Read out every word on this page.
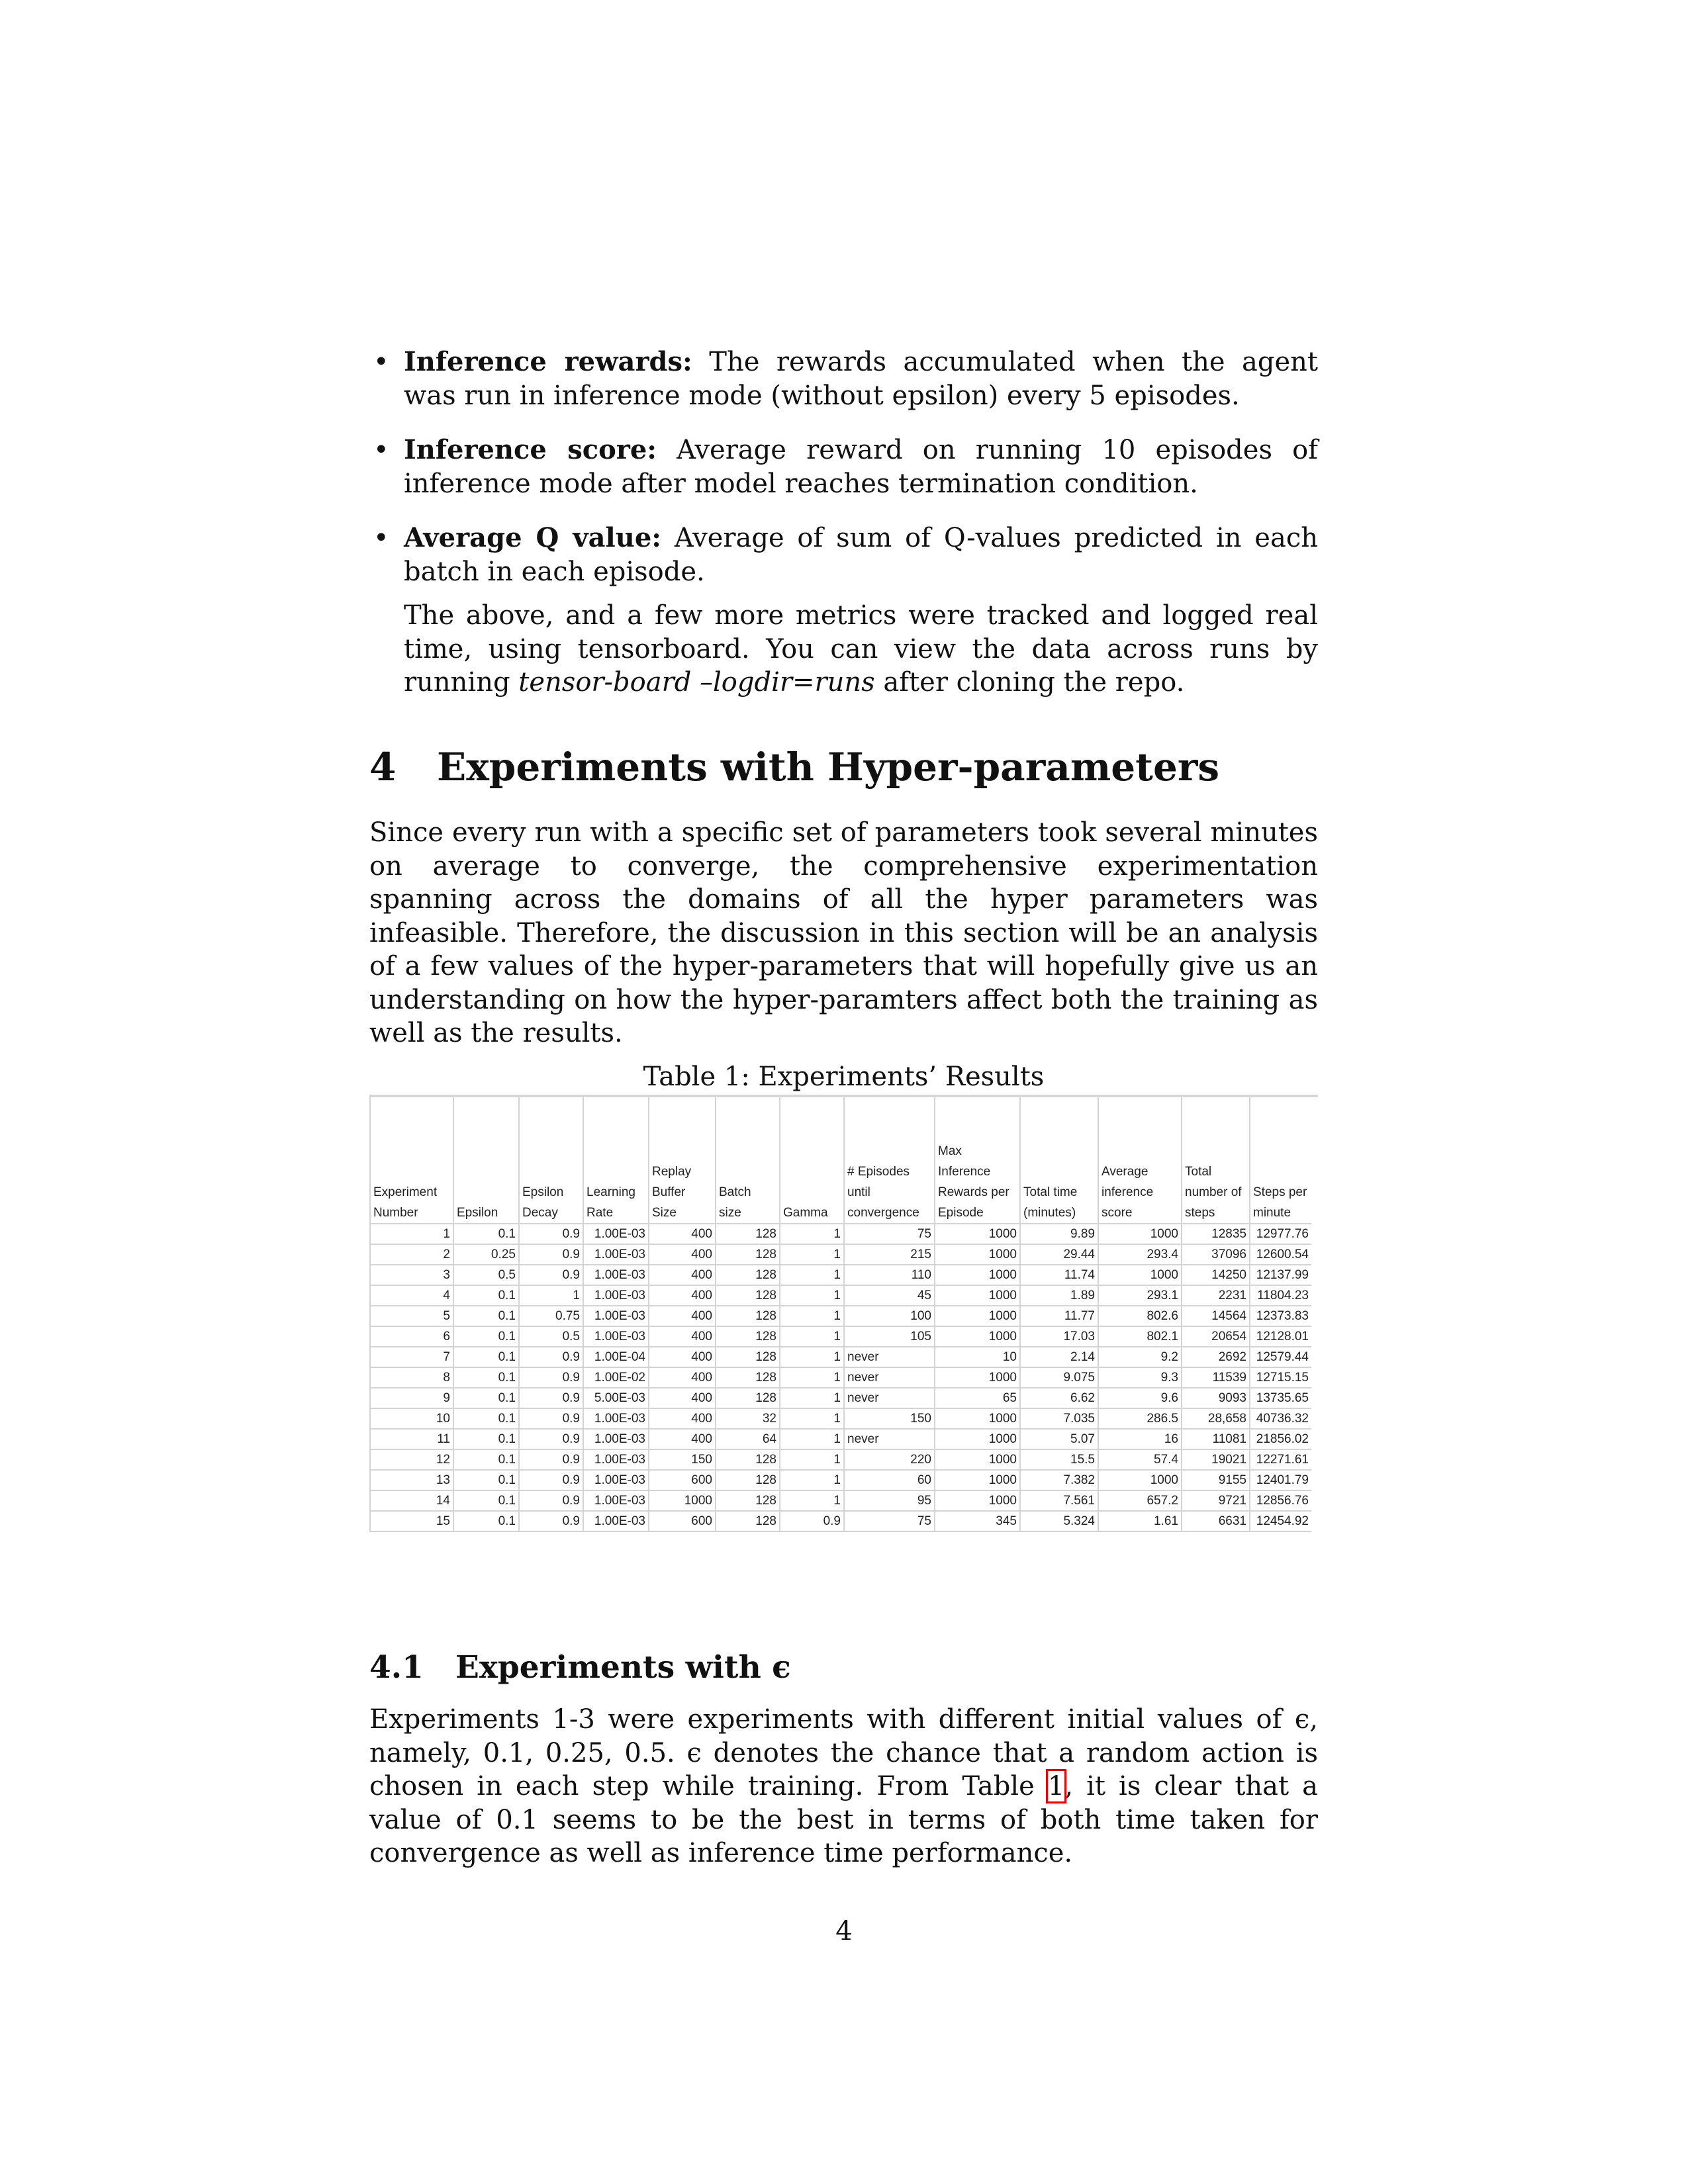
• Inference rewards: The rewards accumulated when the agent was run in inference mode (without epsilon) every 5 episodes.
• Inference score: Average reward on running 10 episodes of inference mode after model reaches termination condition.
• Average Q value: Average of sum of Q-values predicted in each batch in each episode.
The above, and a few more metrics were tracked and logged real time, using tensorboard. You can view the data across runs by running tensor-board –logdir=runs after cloning the repo.
4 Experiments with Hyper-parameters
Since every run with a specific set of parameters took several minutes on average to converge, the comprehensive experimentation spanning across the domains of all the hyper parameters was infeasible. Therefore, the discussion in this section will be an analysis of a few values of the hyper-parameters that will hopefully give us an understanding on how the hyper-paramters affect both the training as well as the results.
Table 1: Experiments’ Results
Experiment Number	Epsilon	Epsilon Decay	Learning Rate	Replay Buffer Size	Batch size	Gamma	# Episodes until convergence	Max Inference Rewards per Episode	Total time (minutes)	Average inference score	Total number of steps	Steps per minute
1	0.1	0.9	1.00E-03	400	128	1	75	1000	9.89	1000	12835	12977.76
2	0.25	0.9	1.00E-03	400	128	1	215	1000	29.44	293.4	37096	12600.54
3	0.5	0.9	1.00E-03	400	128	1	110	1000	11.74	1000	14250	12137.99
4	0.1	1	1.00E-03	400	128	1	45	1000	1.89	293.1	2231	11804.23
5	0.1	0.75	1.00E-03	400	128	1	100	1000	11.77	802.6	14564	12373.83
6	0.1	0.5	1.00E-03	400	128	1	105	1000	17.03	802.1	20654	12128.01
7	0.1	0.9	1.00E-04	400	128	1	never	10	2.14	9.2	2692	12579.44
8	0.1	0.9	1.00E-02	400	128	1	never	1000	9.075	9.3	11539	12715.15
9	0.1	0.9	5.00E-03	400	128	1	never	65	6.62	9.6	9093	13735.65
10	0.1	0.9	1.00E-03	400	32	1	150	1000	7.035	286.5	28,658	40736.32
11	0.1	0.9	1.00E-03	400	64	1	never	1000	5.07	16	11081	21856.02
12	0.1	0.9	1.00E-03	150	128	1	220	1000	15.5	57.4	19021	12271.61
13	0.1	0.9	1.00E-03	600	128	1	60	1000	7.382	1000	9155	12401.79
14	0.1	0.9	1.00E-03	1000	128	1	95	1000	7.561	657.2	9721	12856.76
15	0.1	0.9	1.00E-03	600	128	0.9	75	345	5.324	1.61	6631	12454.92
4.1 Experiments with ϵ
Experiments 1-3 were experiments with different initial values of ϵ, namely, 0.1, 0.25, 0.5. ϵ denotes the chance that a random action is chosen in each step while training. From Table 1, it is clear that a value of 0.1 seems to be the best in terms of both time taken for convergence as well as inference time performance.
4
